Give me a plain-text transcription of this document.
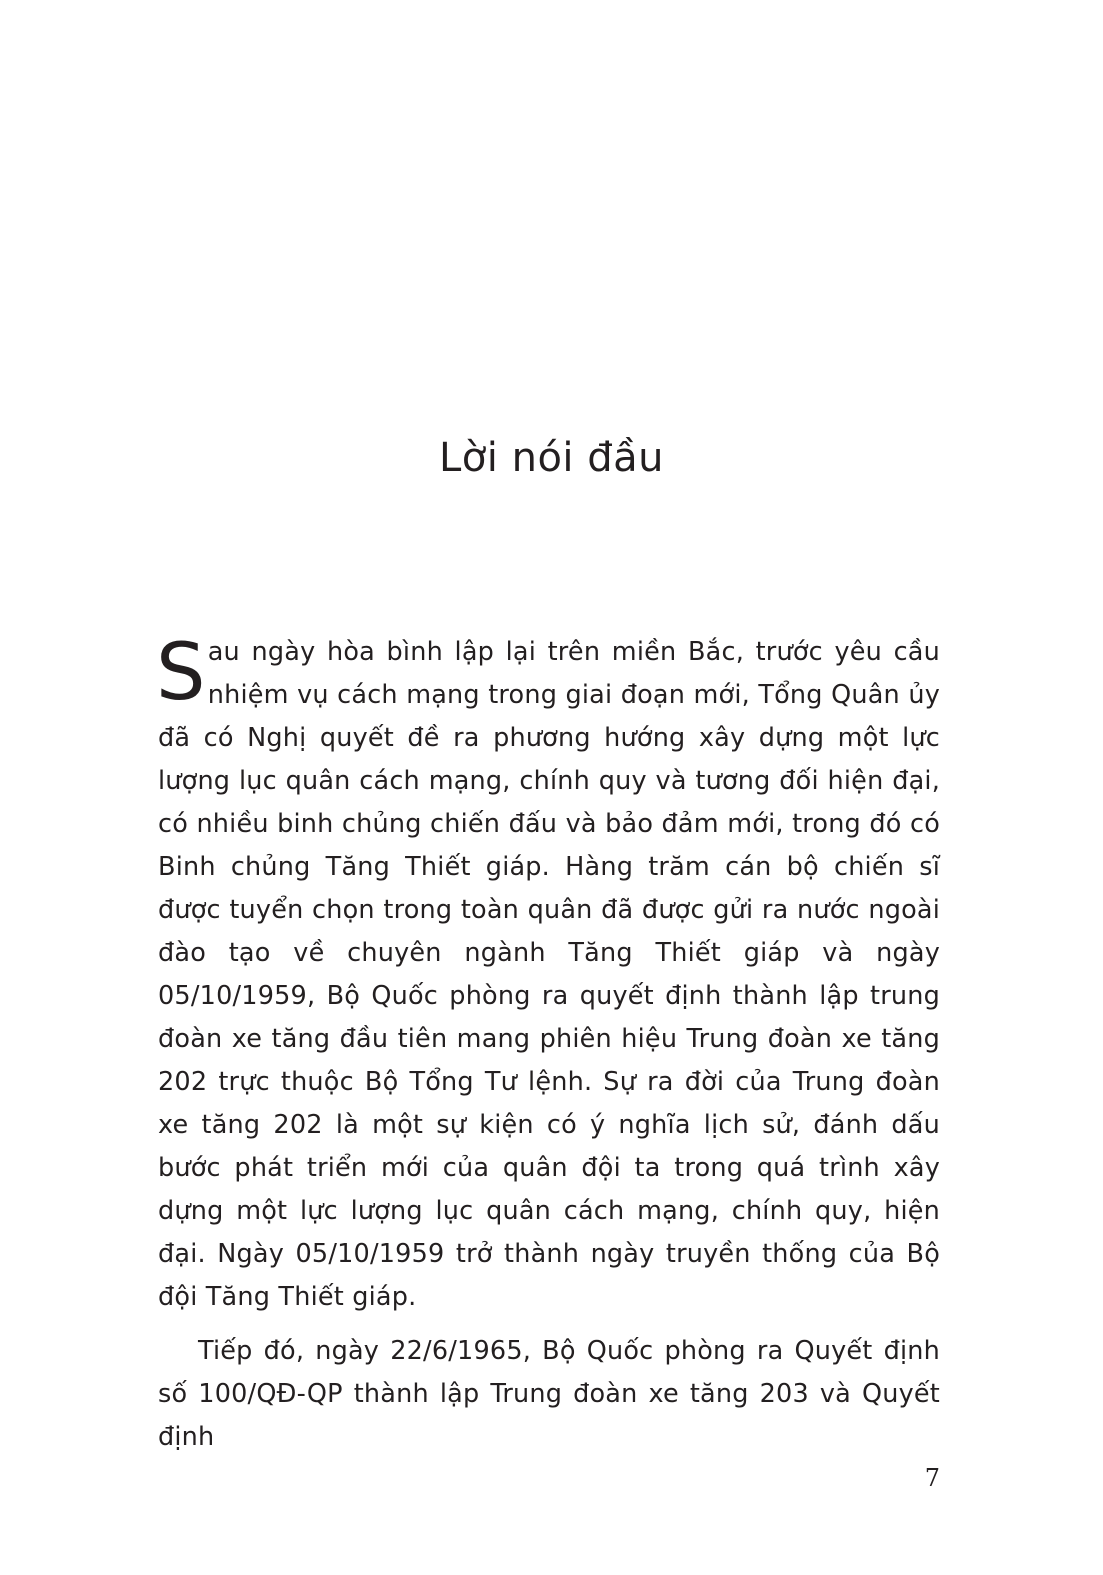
Lời nói đầu

Sau ngày hòa bình lập lại trên miền Bắc, trước yêu cầu nhiệm vụ cách mạng trong giai đoạn mới, Tổng Quân ủy đã có Nghị quyết đề ra phương hướng xây dựng một lực lượng lục quân cách mạng, chính quy và tương đối hiện đại, có nhiều binh chủng chiến đấu và bảo đảm mới, trong đó có Binh chủng Tăng Thiết giáp. Hàng trăm cán bộ chiến sĩ được tuyển chọn trong toàn quân đã được gửi ra nước ngoài đào tạo về chuyên ngành Tăng Thiết giáp và ngày 05/10/1959, Bộ Quốc phòng ra quyết định thành lập trung đoàn xe tăng đầu tiên mang phiên hiệu Trung đoàn xe tăng 202 trực thuộc Bộ Tổng Tư lệnh. Sự ra đời của Trung đoàn xe tăng 202 là một sự kiện có ý nghĩa lịch sử, đánh dấu bước phát triển mới của quân đội ta trong quá trình xây dựng một lực lượng lục quân cách mạng, chính quy, hiện đại. Ngày 05/10/1959 trở thành ngày truyền thống của Bộ đội Tăng Thiết giáp.

Tiếp đó, ngày 22/6/1965, Bộ Quốc phòng ra Quyết định số 100/QĐ-QP thành lập Trung đoàn xe tăng 203 và Quyết định

7
